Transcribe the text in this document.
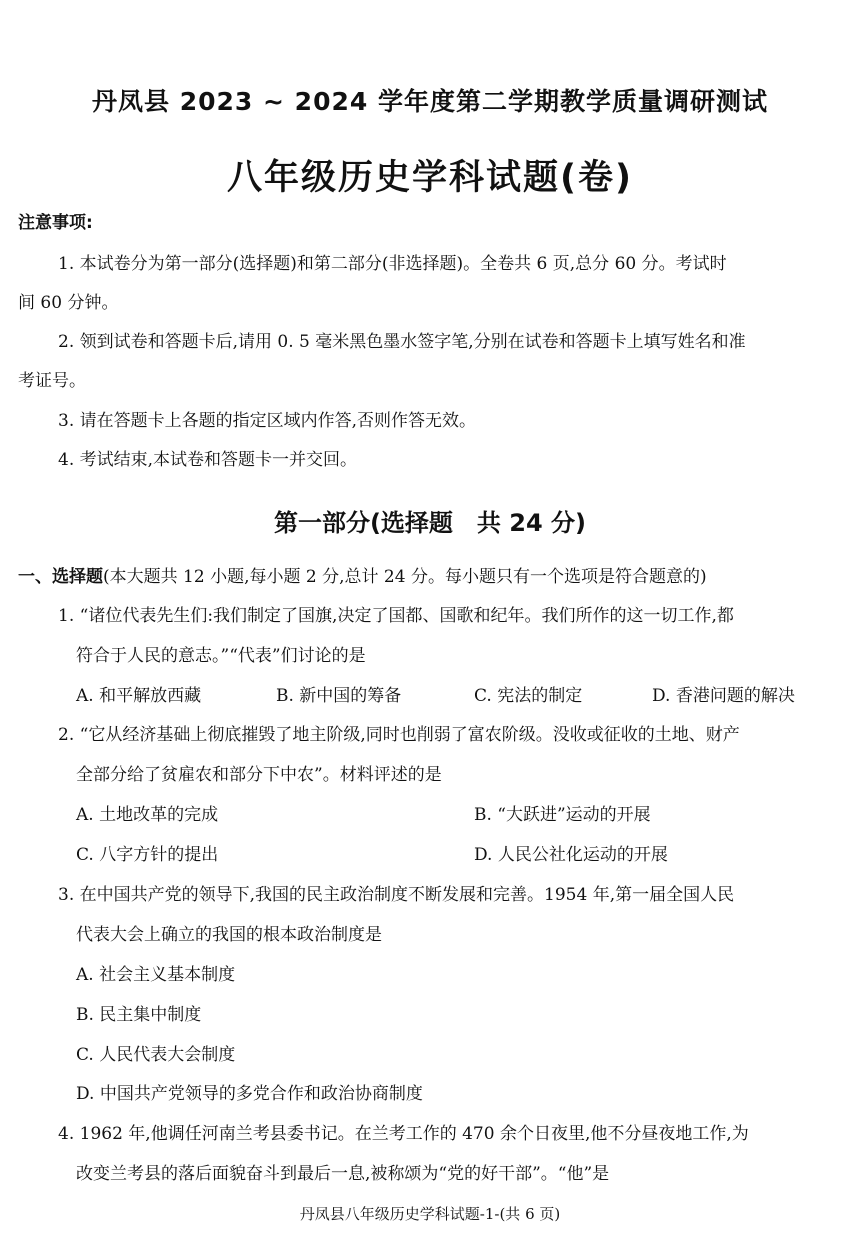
丹凤县 2023 ~ 2024 学年度第二学期教学质量调研测试
八年级历史学科试题(卷)
注意事项:
1. 本试卷分为第一部分(选择题)和第二部分(非选择题)。全卷共 6 页,总分 60 分。考试时
间 60 分钟。
2. 领到试卷和答题卡后,请用 0. 5 毫米黑色墨水签字笔,分别在试卷和答题卡上填写姓名和准
考证号。
3. 请在答题卡上各题的指定区域内作答,否则作答无效。
4. 考试结束,本试卷和答题卡一并交回。
第一部分(选择题　共 24 分)
一、选择题(本大题共 12 小题,每小题 2 分,总计 24 分。每小题只有一个选项是符合题意的)
1. “诸位代表先生们:我们制定了国旗,决定了国都、国歌和纪年。我们所作的这一切工作,都
符合于人民的意志。”“代表”们讨论的是
A. 和平解放西藏	B. 新中国的筹备	C. 宪法的制定	D. 香港问题的解决
2. “它从经济基础上彻底摧毁了地主阶级,同时也削弱了富农阶级。没收或征收的土地、财产
全部分给了贫雇农和部分下中农”。材料评述的是
A. 土地改革的完成	B. “大跃进”运动的开展
C. 八字方针的提出	D. 人民公社化运动的开展
3. 在中国共产党的领导下,我国的民主政治制度不断发展和完善。1954 年,第一届全国人民
代表大会上确立的我国的根本政治制度是
A. 社会主义基本制度
B. 民主集中制度
C. 人民代表大会制度
D. 中国共产党领导的多党合作和政治协商制度
4. 1962 年,他调任河南兰考县委书记。在兰考工作的 470 余个日夜里,他不分昼夜地工作,为
改变兰考县的落后面貌奋斗到最后一息,被称颂为“党的好干部”。“他”是
丹凤县八年级历史学科试题-1-(共 6 页)
